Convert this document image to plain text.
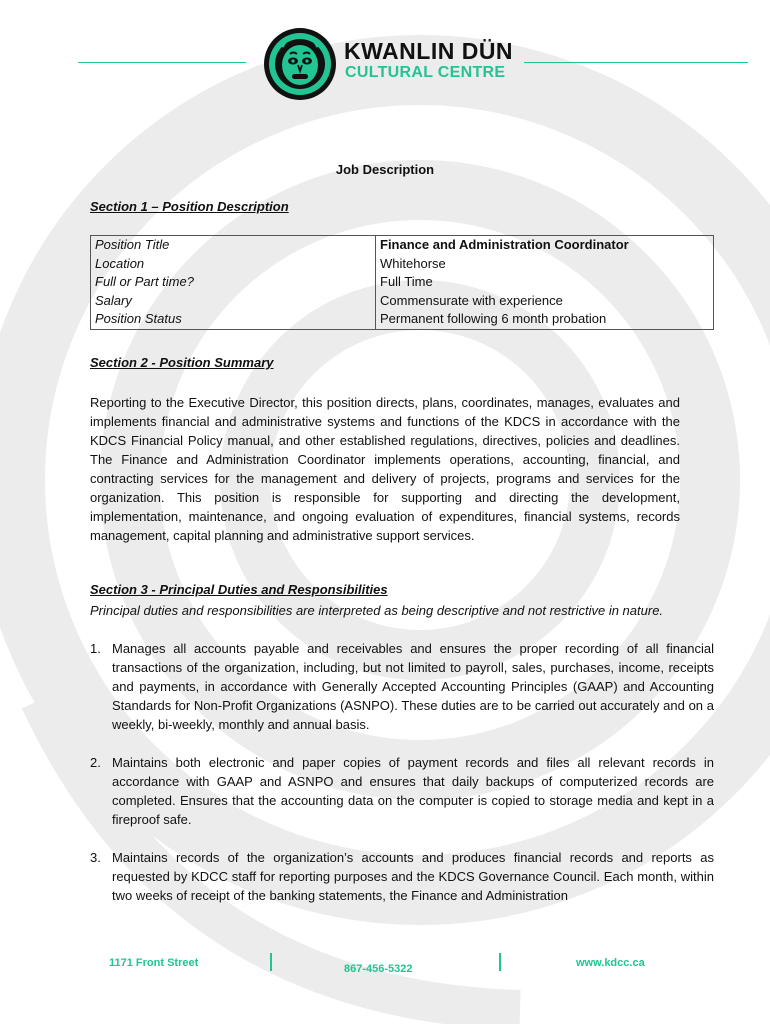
KWANLIN DÜN
CULTURAL CENTRE
Job Description
Section 1 – Position Description
Position Title	Finance and Administration Coordinator
Location	Whitehorse
Full or Part time?	Full Time
Salary	Commensurate with experience
Position Status	Permanent following 6 month probation
Section 2 - Position Summary

Reporting to the Executive Director, this position directs, plans, coordinates, manages, evaluates and implements financial and administrative systems and functions of the KDCS in accordance with the KDCS Financial Policy manual, and other established regulations, directives, policies and deadlines. The Finance and Administration Coordinator implements operations, accounting, financial, and contracting services for the management and delivery of projects, programs and services for the organization. This position is responsible for supporting and directing the development, implementation, maintenance, and ongoing evaluation of expenditures, financial systems, records management, capital planning and administrative support services.

Section 3 - Principal Duties and Responsibilities

Principal duties and responsibilities are interpreted as being descriptive and not restrictive in nature.

1. Manages all accounts payable and receivables and ensures the proper recording of all financial transactions of the organization, including, but not limited to payroll, sales, purchases, income, receipts and payments, in accordance with Generally Accepted Accounting Principles (GAAP) and Accounting Standards for Non-Profit Organizations (ASNPO). These duties are to be carried out accurately and on a weekly, bi-weekly, monthly and annual basis.
2. Maintains both electronic and paper copies of payment records and files all relevant records in accordance with GAAP and ASNPO and ensures that daily backups of computerized records are completed. Ensures that the accounting data on the computer is copied to storage media and kept in a fireproof safe.
3. Maintains records of the organization’s accounts and produces financial records and reports as requested by KDCC staff for reporting purposes and the KDCS Governance Council. Each month, within two weeks of receipt of the banking statements, the Finance and Administration
1171 Front Street	867-456-5322	www.kdcc.ca
